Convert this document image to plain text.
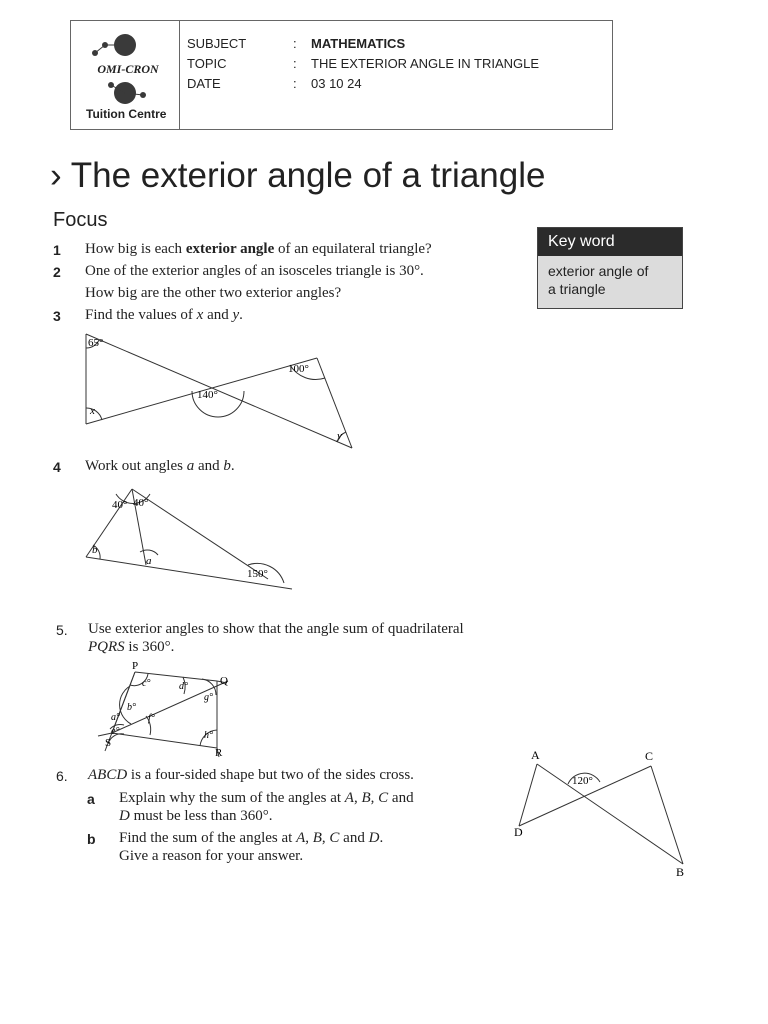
OMI-CRON
Tuition Centre
SUBJECT	: MATHEMATICS
TOPIC	: THE EXTERIOR ANGLE IN TRIANGLE
DATE	: 03 10 24
› The exterior angle of a triangle
Focus
Key word
exterior angle of
a triangle
1 How big is each exterior angle of an equilateral triangle?
2 One of the exterior angles of an isosceles triangle is 30°.
How big are the other two exterior angles?
3 Find the values of x and y.
65°
100°
140°
x
y
4 Work out angles a and b.
40° 40°
b
a
150°
5. Use exterior angles to show that the angle sum of quadrilateral
PQRS is 360°.
P
Q
R
S
a°
b°
c°	d°
e°
f°
g°
h°
6. ABCD is a four-sided shape but two of the sides cross.
a Explain why the sum of the angles at A, B, C and
D must be less than 360°.
b Find the sum of the angles at A, B, C and D.
Give a reason for your answer.
A	C
D
B
120°
